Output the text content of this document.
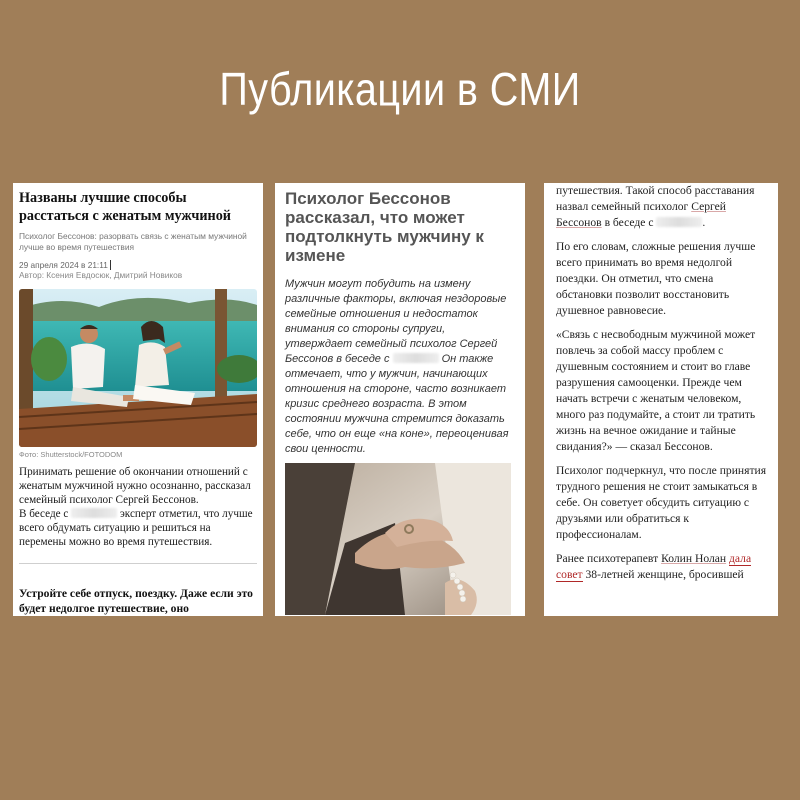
Публикации в СМИ

Названы лучшие способы расстаться с женатым мужчиной

Психолог Бессонов: разорвать связь с женатым мужчиной лучше во время путешествия
29 апреля 2024 в 21:11
Автор: Ксения Евдосюк, Дмитрий Новиков
Фото: Shutterstock/FOTODOM

Принимать решение об окончании отношений с женатым мужчиной нужно осознанно, рассказал семейный психолог Сергей Бессонов.

В беседе с	эксперт отметил, что лучше всего обдумать ситуацию и решиться на перемены можно во время путешествия.

Устройте себе отпуск, поездку. Даже если это будет недолгое путешествие, оно

Психолог Бессонов рассказал, что может подтолкнуть мужчину к измене

Мужчин могут побудить на измену различные факторы, включая нездоровые семейные отношения и недостаток внимания со стороны супруги, утверждает семейный психолог Сергей Бессонов в беседе с	Он также отмечает, что у мужчин, начинающих отношения на стороне, часто возникает кризис среднего возраста. В этом состоянии мужчина стремится доказать себе, что он еще «на коне», переоценивая свои ценности.

путешествия. Такой способ расставания назвал семейный психолог Сергей Бессонов в беседе с	.

По его словам, сложные решения лучше всего принимать во время недолгой поездки. Он отметил, что смена обстановки позволит восстановить душевное равновесие.

«Связь с несвободным мужчиной может повлечь за собой массу проблем с душевным состоянием и стоит во главе разрушения самооценки. Прежде чем начать встречи с женатым человеком, много раз подумайте, а стоит ли тратить жизнь на вечное ожидание и тайные свидания?» — сказал Бессонов.

Психолог подчеркнул, что после принятия трудного решения не стоит замыкаться в себе. Он советует обсудить ситуацию с друзьями или обратиться к профессионалам.

Ранее психотерапевт Колин Нолан дала совет 38-летней женщине, бросившей
